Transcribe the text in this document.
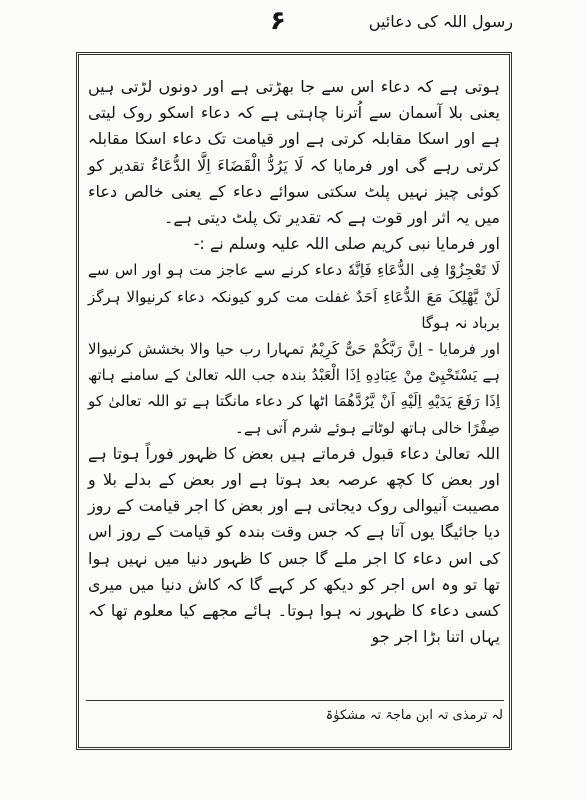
رسول اللہ کی دعائیں
۶

ہوتی ہے کہ دعاء اس سے جا بھڑتی ہے اور دونوں لڑتی ہیں یعنی بلا آسمان سے اُترنا چاہتی ہے کہ دعاء اسکو روک لیتی ہے اور اسکا مقابلہ کرتی ہے اور قیامت تک دعاء اسکا مقابلہ کرتی رہے گی اور فرمایا کہ لَا یَرُدُّ الْقَضَاءَ اِلَّا الدُّعَاءُ تقدیر کو کوئی چیز نہیں پلٹ سکتی سوائے دعاء کے یعنی خالص دعاء میں یہ اثر اور قوت ہے کہ تقدیر تک پلٹ دیتی ہے۔

اور فرمایا نبی کریم صلی اللہ علیہ وسلم نے :-

لَا تَعْجِزُوْا فِی الدُّعَاءِ فَاِنَّهٗ دعاء کرنے سے عاجز مت ہو اور اس سے لَنْ یَّهْلِکَ مَعَ الدُّعَاءِ اَحَدٌ غفلت مت کرو کیونکہ دعاء کرنیوالا ہرگز برباد نہ ہوگا

اور فرمایا - اِنَّ رَبَّکُمْ حَیٌّ کَرِیْمٌ تمہارا رب حیا والا بخشش کرنیوالا ہے یَسْتَحْیِیْ مِنْ عِبَادِهِ اِذَا الْعَبْدُ بندہ جب اللہ تعالیٰ کے سامنے ہاتھ اِذَا رَفَعَ یَدَیْهِ اِلَیْهِ اَنْ یَّرُدَّهُمَا اٹھا کر دعاء مانگتا ہے تو اللہ تعالیٰ کو صِفْرًا خالی ہاتھ لوٹاتے ہوئے شرم آتی ہے۔

اللہ تعالیٰ دعاء قبول فرماتے ہیں بعض کا ظہور فوراً ہوتا ہے اور بعض کا کچھ عرصہ بعد ہوتا ہے اور بعض کے بدلے بلا و مصیبت آنیوالی روک دیجاتی ہے اور بعض کا اجر قیامت کے روز دیا جائیگا یوں آتا ہے کہ جس وقت بندہ کو قیامت کے روز اس کی اس دعاء کا اجر ملے گا جس کا ظہور دنیا میں نہیں ہوا تھا تو وہ اس اجر کو دیکھ کر کہے گا کہ کاش دنیا میں میری کسی دعاء کا ظہور نہ ہوا ہوتا۔ ہائے مجھے کیا معلوم تھا کہ یہاں اتنا بڑا اجر جو

لہ ترمذی تہ ابن ماجۃ تہ مشکوٰۃ
